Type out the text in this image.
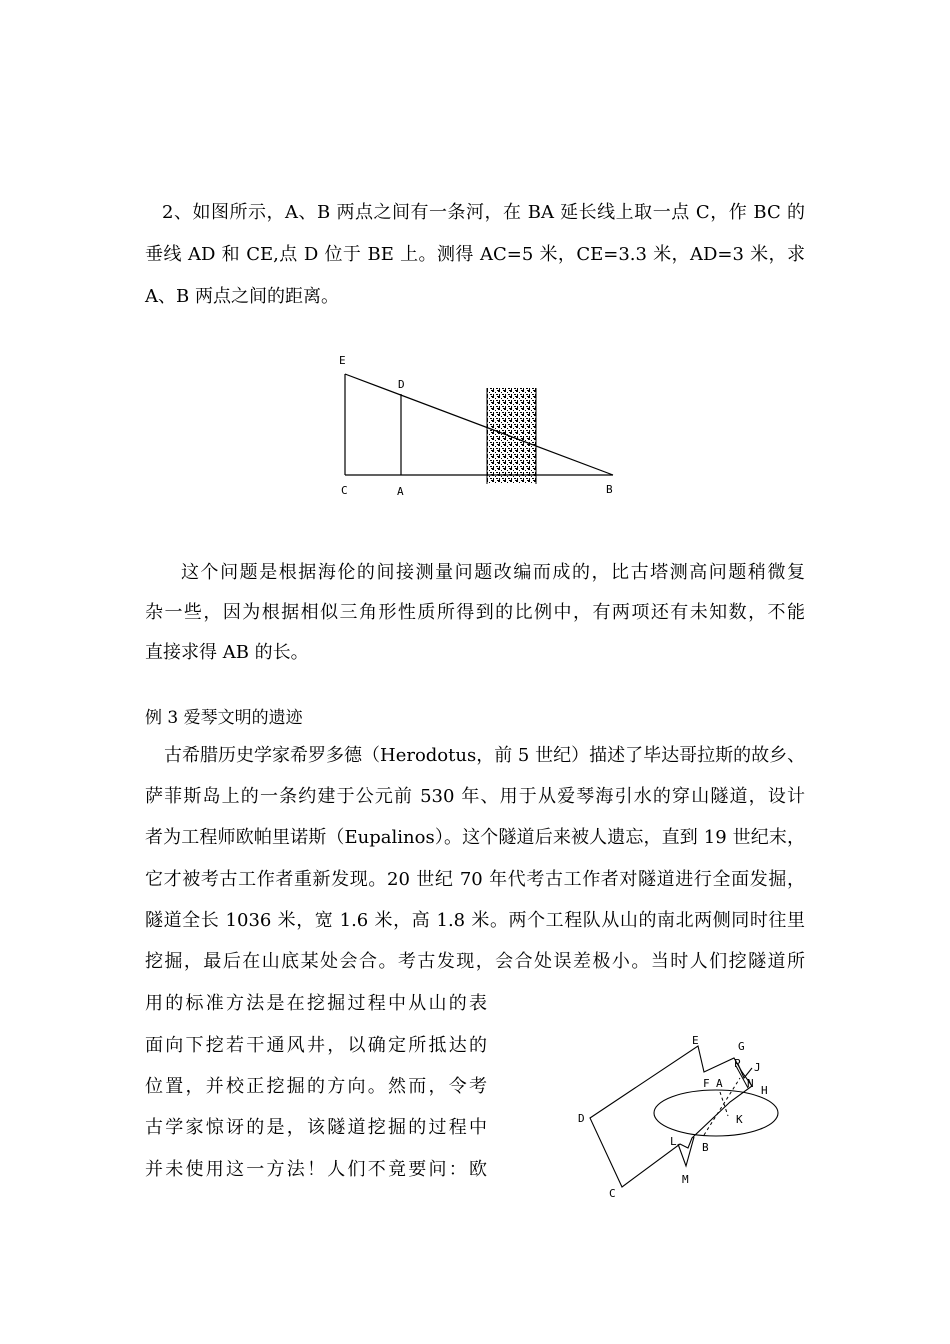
2、如图所示，A、B 两点之间有一条河，在 BA 延长线上取一点 C，作 BC 的
垂线 AD 和 CE,点 D 位于 BE 上。测得 AC=5 米，CE=3.3 米，AD=3 米，求
A、B 两点之间的距离。
E
D
C	A	B
这个问题是根据海伦的间接测量问题改编而成的，比古塔测高问题稍微复
杂一些，因为根据相似三角形性质所得到的比例中，有两项还有未知数，不能
直接求得 AB 的长。
例 3 爱琴文明的遗迹
古希腊历史学家希罗多德（Herodotus，前 5 世纪）描述了毕达哥拉斯的故乡、
萨菲斯岛上的一条约建于公元前 530 年、用于从爱琴海引水的穿山隧道，设计
者为工程师欧帕里诺斯（Eupalinos）。这个隧道后来被人遗忘，直到 19 世纪末，
它才被考古工作者重新发现。20 世纪 70 年代考古工作者对隧道进行全面发掘，
隧道全长 1036 米，宽 1.6 米，高 1.8 米。两个工程队从山的南北两侧同时往里
挖掘，最后在山底某处会合。考古发现，会合处误差极小。当时人们挖隧道所
用的标准方法是在挖掘过程中从山的表
面向下挖若干通风井，以确定所抵达的
位置，并校正挖掘的方向。然而，令考
古学家惊讶的是，该隧道挖掘的过程中
并未使用这一方法！人们不竟要问：欧
E	G
P J
F A N
H
D	K
L B
M
C
